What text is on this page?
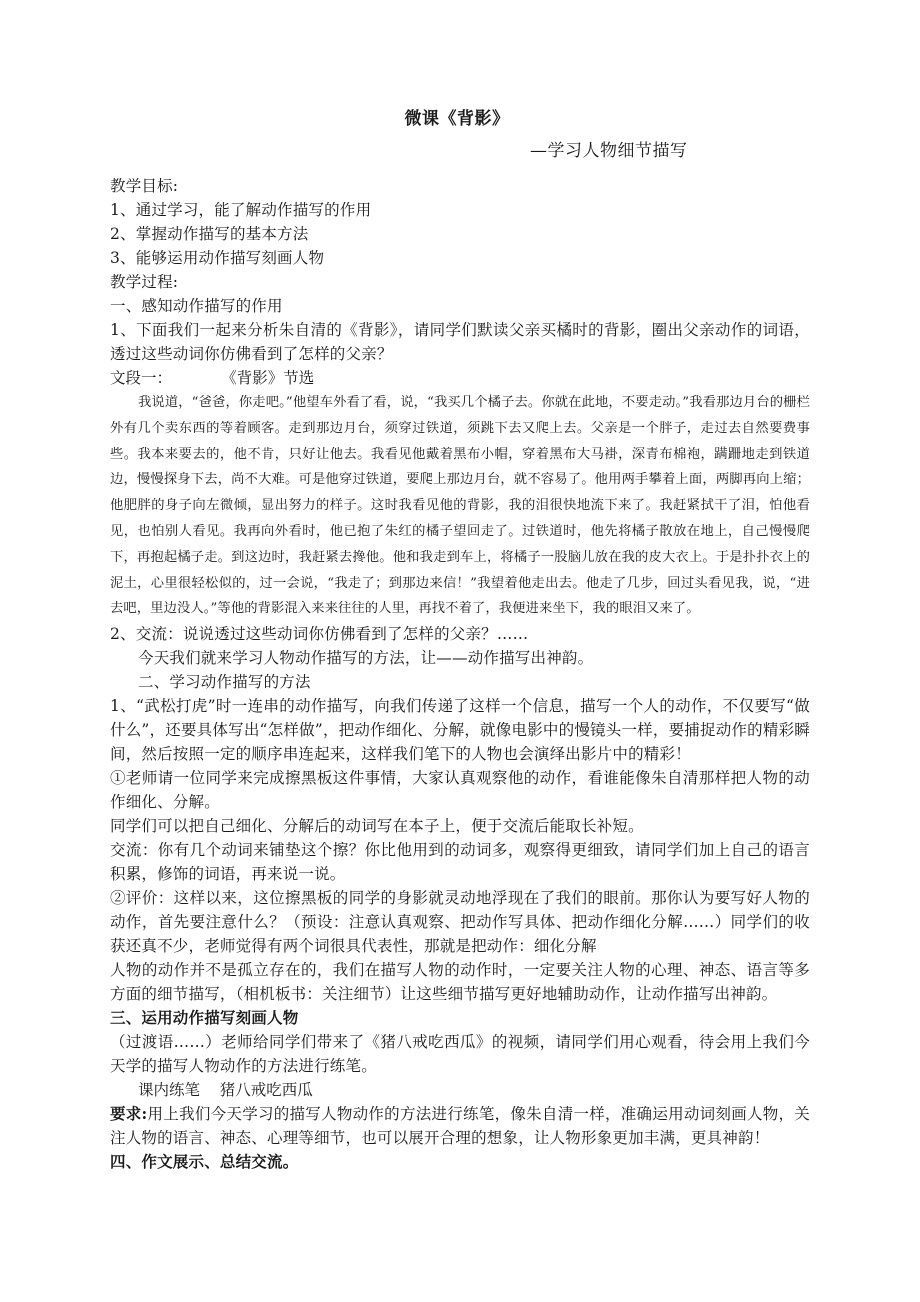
微课《背影》
—学习人物细节描写

教学目标:

1、通过学习，能了解动作描写的作用

2、掌握动作描写的基本方法

3、能够运用动作描写刻画人物

教学过程:

一、感知动作描写的作用

1、下面我们一起来分析朱自清的《背影》，请同学们默读父亲买橘时的背影，圈出父亲动作的词语，透过这些动词你仿佛看到了怎样的父亲？

文段一：	《背影》节选

我说道，“爸爸，你走吧。”他望车外看了看，说，“我买几个橘子去。你就在此地，不要走动。”我看那边月台的栅栏外有几个卖东西的等着顾客。走到那边月台，须穿过铁道，须跳下去又爬上去。父亲是一个胖子，走过去自然要费事些。我本来要去的，他不肯，只好让他去。我看见他戴着黑布小帽，穿着黑布大马褂，深青布棉袍，蹒跚地走到铁道边，慢慢探身下去，尚不大难。可是他穿过铁道，要爬上那边月台，就不容易了。他用两手攀着上面，两脚再向上缩；他肥胖的身子向左微倾，显出努力的样子。这时我看见他的背影，我的泪很快地流下来了。我赶紧拭干了泪，怕他看见，也怕别人看见。我再向外看时，他已抱了朱红的橘子望回走了。过铁道时，他先将橘子散放在地上，自己慢慢爬下，再抱起橘子走。到这边时，我赶紧去搀他。他和我走到车上，将橘子一股脑儿放在我的皮大衣上。于是扑扑衣上的泥土，心里很轻松似的，过一会说，“我走了；到那边来信！”我望着他走出去。他走了几步，回过头看见我，说，“进去吧，里边没人。”等他的背影混入来来往往的人里，再找不着了，我便进来坐下，我的眼泪又来了。

2、交流：说说透过这些动词你仿佛看到了怎样的父亲？……

今天我们就来学习人物动作描写的方法，让——动作描写出神韵。

二、学习动作描写的方法

1、“武松打虎”时一连串的动作描写，向我们传递了这样一个信息，描写一个人的动作，不仅要写“做什么”，还要具体写出“怎样做”，把动作细化、分解，就像电影中的慢镜头一样，要捕捉动作的精彩瞬间，然后按照一定的顺序串连起来，这样我们笔下的人物也会演绎出影片中的精彩！

①老师请一位同学来完成擦黑板这件事情，大家认真观察他的动作，看谁能像朱自清那样把人物的动作细化、分解。

同学们可以把自己细化、分解后的动词写在本子上，便于交流后能取长补短。

交流：你有几个动词来铺垫这个擦？你比他用到的动词多，观察得更细致，请同学们加上自己的语言积累，修饰的词语，再来说一说。

②评价：这样以来，这位擦黑板的同学的身影就灵动地浮现在了我们的眼前。那你认为要写好人物的动作，首先要注意什么？（预设：注意认真观察、把动作写具体、把动作细化分解……）同学们的收获还真不少，老师觉得有两个词很具代表性，那就是把动作：细化分解

人物的动作并不是孤立存在的，我们在描写人物的动作时，一定要关注人物的心理、神态、语言等多方面的细节描写，（相机板书：关注细节）让这些细节描写更好地辅助动作，让动作描写出神韵。

三、运用动作描写刻画人物

（过渡语……）老师给同学们带来了《猪八戒吃西瓜》的视频，请同学们用心观看，待会用上我们今天学的描写人物动作的方法进行练笔。

课内练笔 猪八戒吃西瓜

要求:用上我们今天学习的描写人物动作的方法进行练笔，像朱自清一样，准确运用动词刻画人物，关注人物的语言、神态、心理等细节，也可以展开合理的想象，让人物形象更加丰满，更具神韵！

四、作文展示、总结交流。
